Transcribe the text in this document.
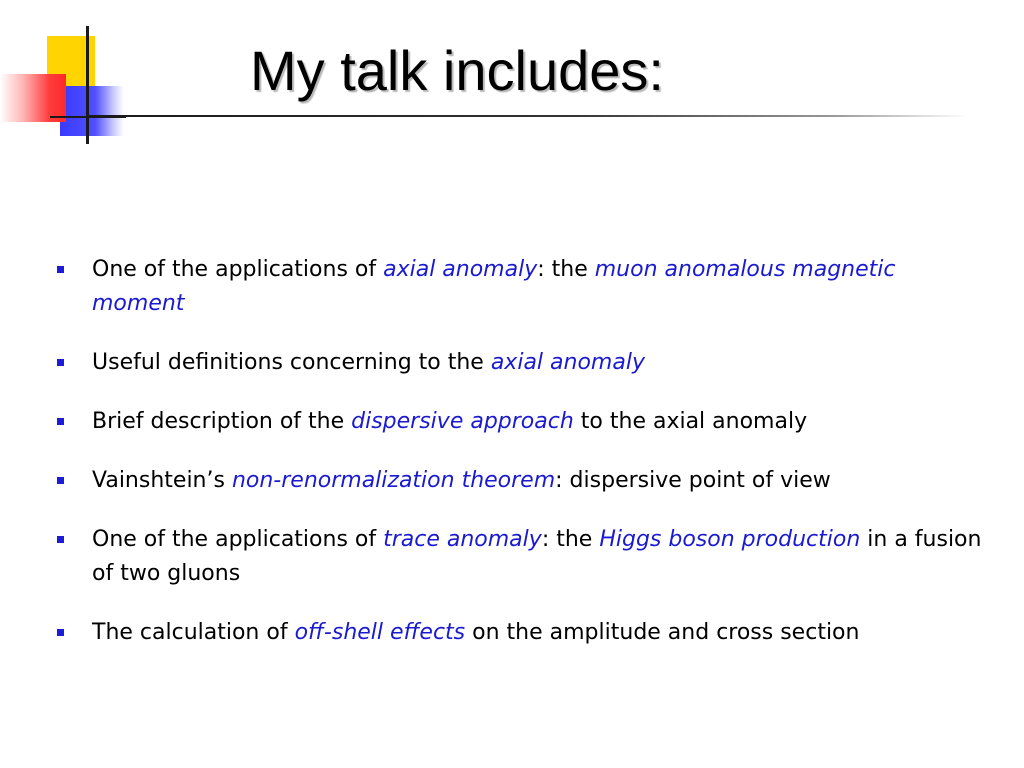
My talk includes:
One of the applications of axial anomaly: the muon anomalous magnetic moment
Useful definitions concerning to the axial anomaly
Brief description of the dispersive approach to the axial anomaly
Vainshtein’s non-renormalization theorem: dispersive point of view
One of the applications of trace anomaly: the Higgs boson production in a fusion of two gluons
The calculation of off-shell effects on the amplitude and cross section
